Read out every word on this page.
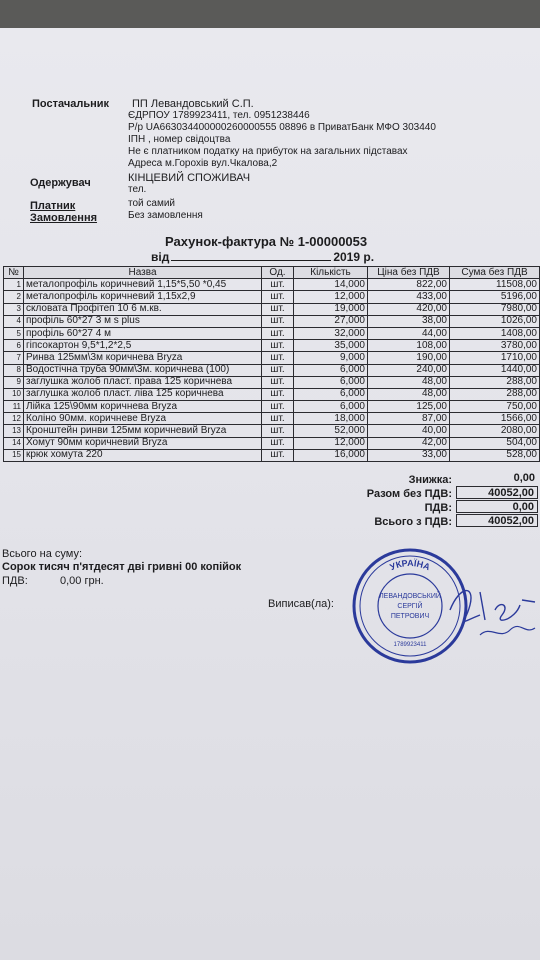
Постачальник ПП Левандовський С.П.
ЄДРПОУ 1789923411, тел. 0951238446
Р/р UA663034400000260000555 08896 в ПриватБанк МФО 303440
ІПН , номер свідоцтва
Не є платником податку на прибуток на загальних підставах
Адреса м.Горохів вул.Чкалова,2
Одержувач	КІНЦЕВИЙ СПОЖИВАЧ
тел.
Платник	той самий
Замовлення	Без замовлення
Рахунок-фактура № 1-00000053
від	2019 р.
№	Назва	Од.	Кількість	Ціна без ПДВ	Сума без ПДВ
1	металопрофіль коричневий 1,15*5,50 *0,45	шт.	14,000	822,00	11508,00
2	металопрофіль коричневий 1,15х2,9	шт.	12,000	433,00	5196,00
3	скловата Профітеп 10 6 м.кв.	шт.	19,000	420,00	7980,00
4	профіль 60*27 3 м s plus	шт.	27,000	38,00	1026,00
5	профіль 60*27 4 м	шт.	32,000	44,00	1408,00
6	гіпсокартон 9,5*1,2*2,5	шт.	35,000	108,00	3780,00
7	Ринва 125мм\3м коричнева Bryza	шт.	9,000	190,00	1710,00
8	Водостічна труба 90мм\3м. коричнева (100)	шт.	6,000	240,00	1440,00
9	заглушка жолоб пласт. права 125 коричнева	шт.	6,000	48,00	288,00
10	заглушка жолоб пласт. ліва 125 коричнева	шт.	6,000	48,00	288,00
11	Лійка 125\90мм коричнева Bryza	шт.	6,000	125,00	750,00
12	Коліно 90мм. коричневе Bryza	шт.	18,000	87,00	1566,00
13	Кронштейн ринви 125мм коричневий Bryza	шт.	52,000	40,00	2080,00
14	Хомут 90мм коричневий Bryza	шт.	12,000	42,00	504,00
15	крюк хомута 220	шт.	16,000	33,00	528,00
Знижка:	0,00
Разом без ПДВ:	40052,00
ПДВ:	0,00
Всього з ПДВ:	40052,00
Всього на суму:
Сорок тисяч п'ятдесят дві гривні 00 копійок
ПДВ:	0,00 грн.
Виписав(ла):
УКРАЇНА
ЛЕВАНДОВСЬКИЙ
СЕРГІЙ
ПЕТРОВИЧ
1789923411
